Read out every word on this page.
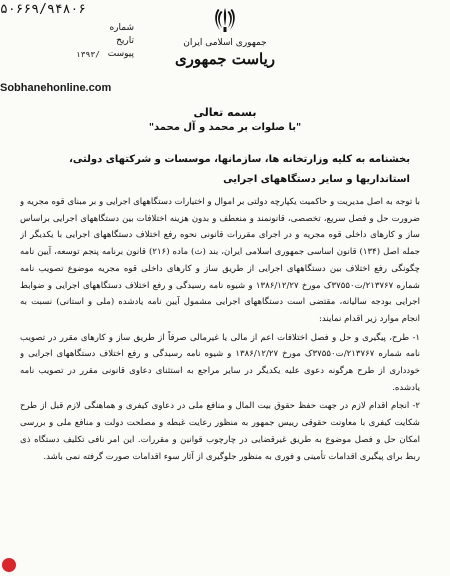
۵۰۶۶۹/۹۴۸۰۶
شماره
تاریخ
پیوست
۱۳۹۳/
جمهوری اسلامی ایران
ریاست جمهوری
Sobhanehonline.com
بسمه تعالی
"با صلوات بر محمد و آل محمد"
بخشنامه به کلیه وزارتخانه ها، سازمانها، موسسات و شرکتهای دولتی، استانداریها و سایر دستگاههای اجرایی

با توجه به اصل مدیریت و حاکمیت یکپارچه دولتی بر اموال و اختیارات دستگاههای اجرایی و بر مبنای قوه مجریه و ضرورت حل و فصل سریع، تخصصی، قانونمند و منعطف و بدون هزینه اختلافات بین دستگاههای اجرایی براساس ساز و کارهای داخلی قوه مجریه و در اجرای مقررات قانونی نحوه رفع اختلاف دستگاههای اجرایی با یکدیگر از جمله اصل (۱۳۴) قانون اساسی جمهوری اسلامی ایران، بند (ث) ماده (۲۱۶) قانون برنامه پنجم توسعه، آیین نامه چگونگی رفع اختلاف بین دستگاههای اجرایی از طریق ساز و کارهای داخلی قوه مجریه موضوع تصویب نامه شماره ۲۱۳۷۶۷/ت۳۷۵۵۰ک مورخ ۱۳۸۶/۱۲/۲۷ و شیوه نامه رسیدگی و رفع اختلاف دستگاههای اجرایی و ضوابط اجرایی بودجه سالیانه، مقتضی است دستگاههای اجرایی مشمول آیین نامه یادشده (ملی و استانی) نسبت به انجام موارد زیر اقدام نمایند:

۱- طرح، پیگیری و حل و فصل اختلافات اعم از مالی یا غیرمالی صرفاً از طریق ساز و کارهای مقرر در تصویب نامه شماره ۲۱۳۷۶۷/ت۳۷۵۵۰ک مورخ ۱۳۸۶/۱۲/۲۷ و شیوه نامه رسیدگی و رفع اختلاف دستگاههای اجرایی و خودداری از طرح هرگونه دعوی علیه یکدیگر در سایر مراجع به استثنای دعاوی قانونی مقرر در تصویب نامه یادشده.

۲- انجام اقدام لازم در جهت حفظ حقوق بیت المال و منافع ملی در دعاوی کیفری و هماهنگی لازم قبل از طرح شکایت کیفری با معاونت حقوقی رییس جمهور به منظور رعایت غبطه و مصلحت دولت و منافع ملی و بررسی امکان حل و فصل موضوع به طریق غیرقضایی در چارچوب قوانین و مقررات. این امر نافی تکلیف دستگاه ذی ربط برای پیگیری اقدامات تأمینی و فوری به منظور جلوگیری از آثار سوء اقدامات صورت گرفته نمی باشد.
